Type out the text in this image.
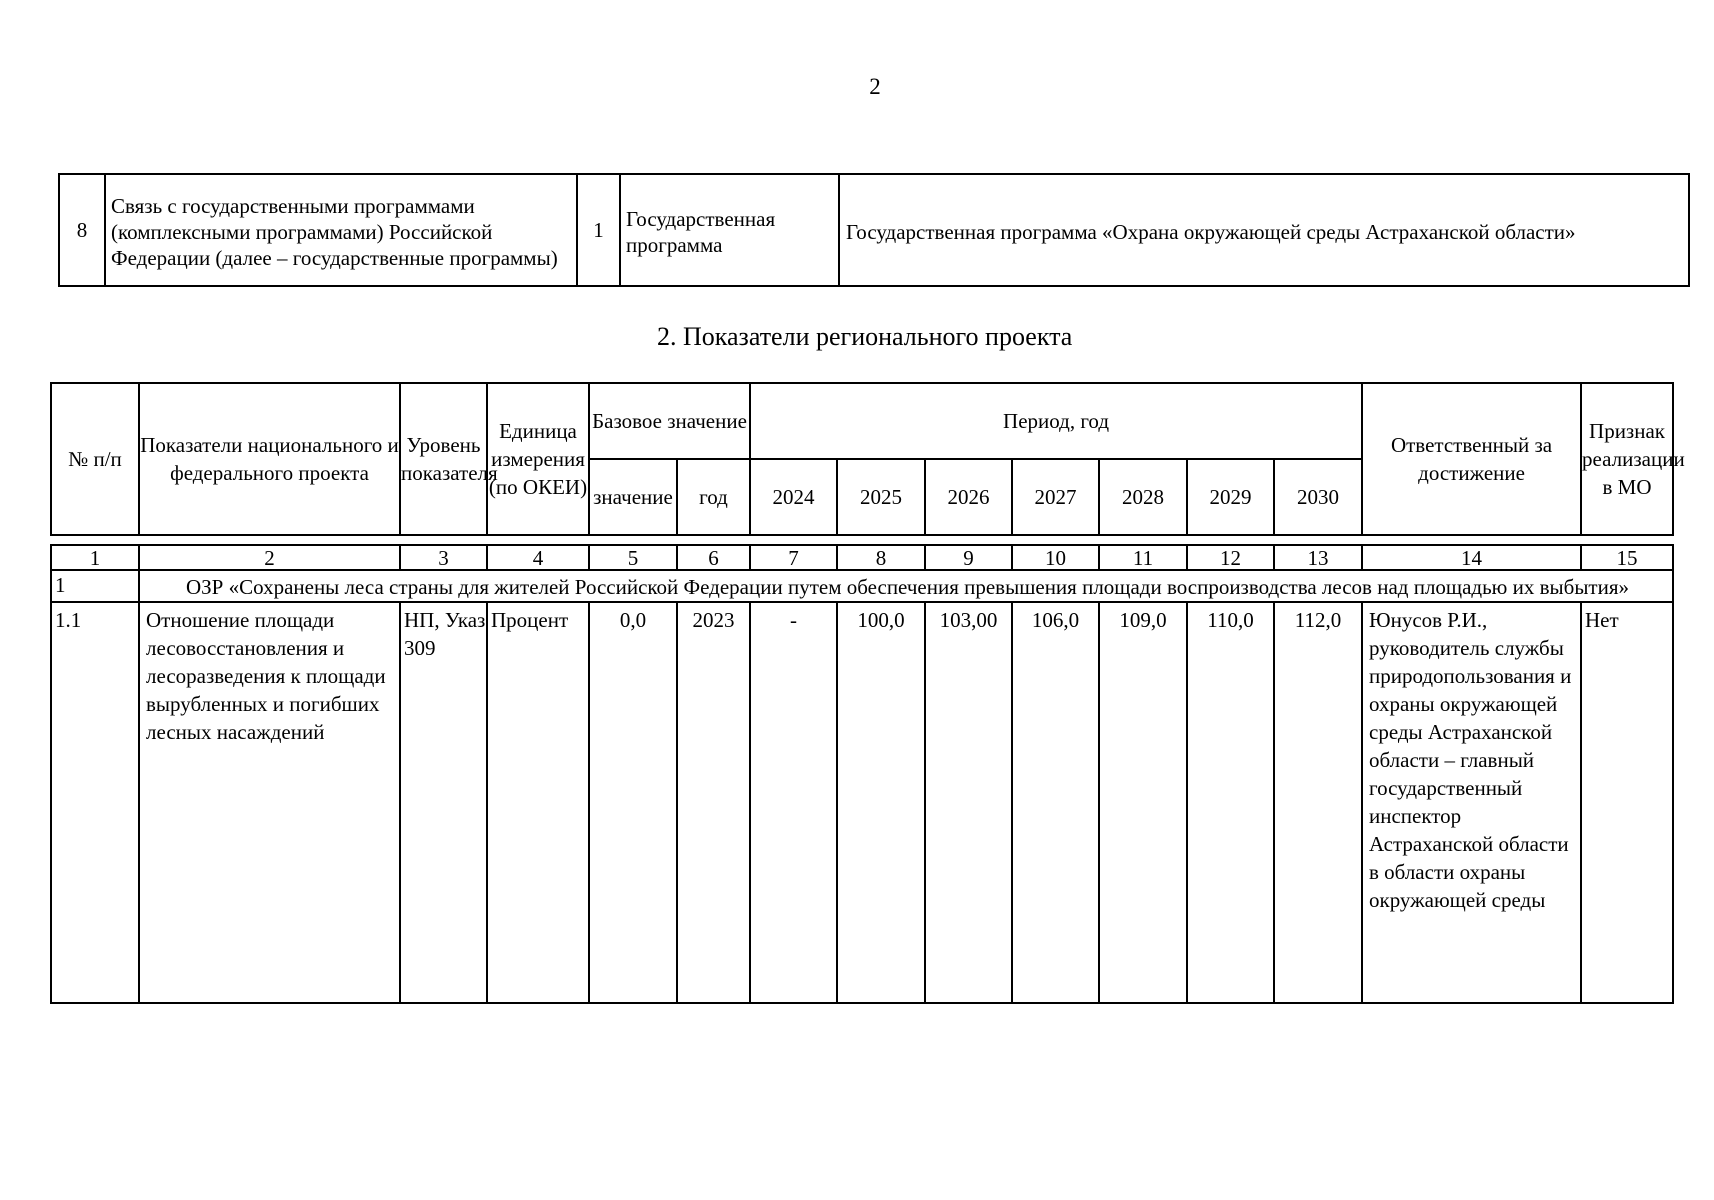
2
8	Связь с государственными программами (комплексными программами) Российской Федерации (далее – государственные программы)	1	Государственная программа	Государственная программа «Охрана окружающей среды Астраханской области»
2. Показатели регионального проекта
№ п/п	Показатели национального и федерального проекта	Уровень показателя	Единица измерения (по ОКЕИ)	Базовое значение		Период, год							Ответственный за достижение	Признак реализации в МО
				значение	год	2024	2025	2026	2027	2028	2029	2030		
1	2	3	4	5	6	7	8	9	10	11	12	13	14	15
1	ОЗР «Сохранены леса страны для жителей Российской Федерации путем обеспечения превышения площади воспроизводства лесов над площадью их выбытия»													
1.1	Отношение площади лесовосстановления и лесоразведения к площади вырубленных и погибших лесных насаждений	НП, Указ 309	Процент	0,0	2023	-	100,0	103,00	106,0	109,0	110,0	112,0	Юнусов Р.И., руководитель службы природопользования и охраны окружающей среды Астраханской области – главный государственный инспектор Астраханской области в области охраны окружающей среды	Нет
